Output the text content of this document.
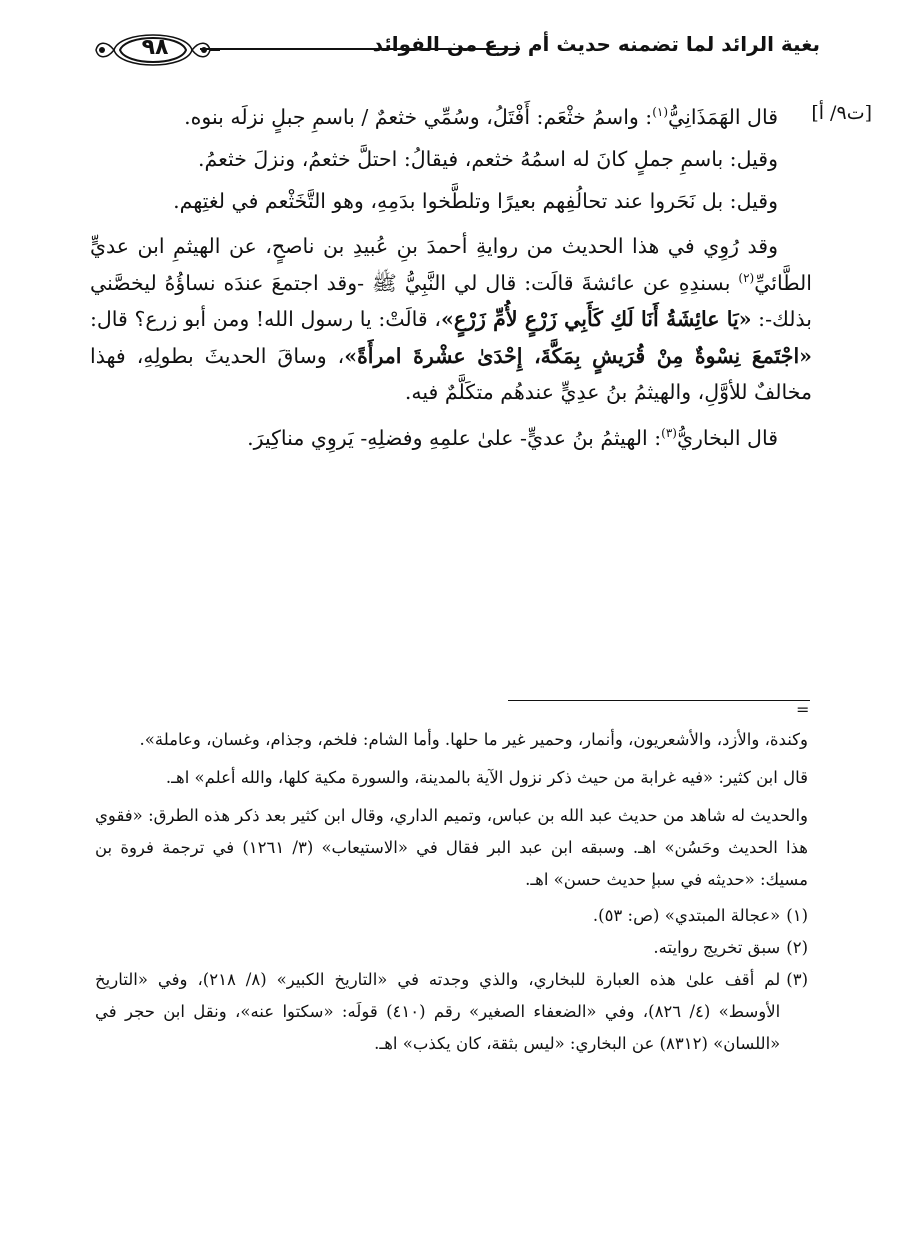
٩٨	بغية الرائد لما تضمنه حديث أم زرع من الفوائد
[ت٩/ أ]

قال الهَمَذَانِيُّ$^{(١)}$: واسمُ خثْعَم: أَفْتَلُ، وسُمِّي خثعمٌ / باسمِ جبلٍ نزلَه بنوه.

وقيل: باسمِ جملٍ كانَ له اسمُهُ خثعم، فيقالُ: احتلَّ خثعمُ، ونزلَ خثعمُ.

وقيل: بل نَحَروا عند تحالُفِهم بعيرًا وتلطَّخوا بدَمِهِ، وهو التَّخَثْعم في لغتِهم.

وقد رُوِي في هذا الحديث من روايةِ أحمدَ بنِ عُبيدِ بن ناصحٍ، عن الهيثمِ ابن عديٍّ الطَّائيِّ$^{(٢)}$ بسندِهِ عن عائشةَ قالَت: قال لي النَّبِيُّ ﷺ -وقد اجتمعَ عندَه نساؤُهُ ليخصَّني بذلك-: «يَا عائِشَةُ أَنَا لَكِ كَأَبِي زَرْعٍ لأُمِّ زَرْعٍ»، قالَتْ: يا رسول الله! ومن أبو زرع؟ قال: «اجْتَمعَ نِسْوةٌ مِنْ قُرَيشٍ بِمَكَّةَ، إِحْدَىٰ عشْرةَ امرأَةً»، وساقَ الحديثَ بطولِهِ، فهذا مخالفٌ للأوَّلِ، والهيثمُ بنُ عدِيٍّ عندهُم متكَلَّمٌ فيه.

قال البخاريُّ$^{(٣)}$: الهيثمُ بنُ عديٍّ- علىٰ علمِهِ وفضلِهِ- يَروِي مناكِيرَ.

=

وكندة، والأزد، والأشعريون، وأنمار، وحمير غير ما حلها. وأما الشام: فلخم، وجذام، وغسان، وعاملة».

قال ابن كثير: «فيه غرابة من حيث ذكر نزول الآية بالمدينة، والسورة مكية كلها، والله أعلم» اهـ.

والحديث له شاهد من حديث عبد الله بن عباس، وتميم الداري، وقال ابن كثير بعد ذكر هذه الطرق: «فقوي هذا الحديث وحَسُن» اهـ. وسبقه ابن عبد البر فقال في «الاستيعاب» (٣/ ١٢٦١) في ترجمة فروة بن مسيك: «حديثه في سبإ حديث حسن» اهـ.

(١)

«عجالة المبتدي» (ص: ٥٣).

(٢)

سبق تخريج روايته.

(٣)

لم أقف علىٰ هذه العبارة للبخاري، والذي وجدته في «التاريخ الكبير» (٨/ ٢١٨)، وفي «التاريخ الأوسط» (٤/ ٨٢٦)، وفي «الضعفاء الصغير» رقم (٤١٠) قولَه: «سكتوا عنه»، ونقل ابن حجر في «اللسان» (٨٣١٢) عن البخاري: «ليس بثقة، كان يكذب» اهـ.
